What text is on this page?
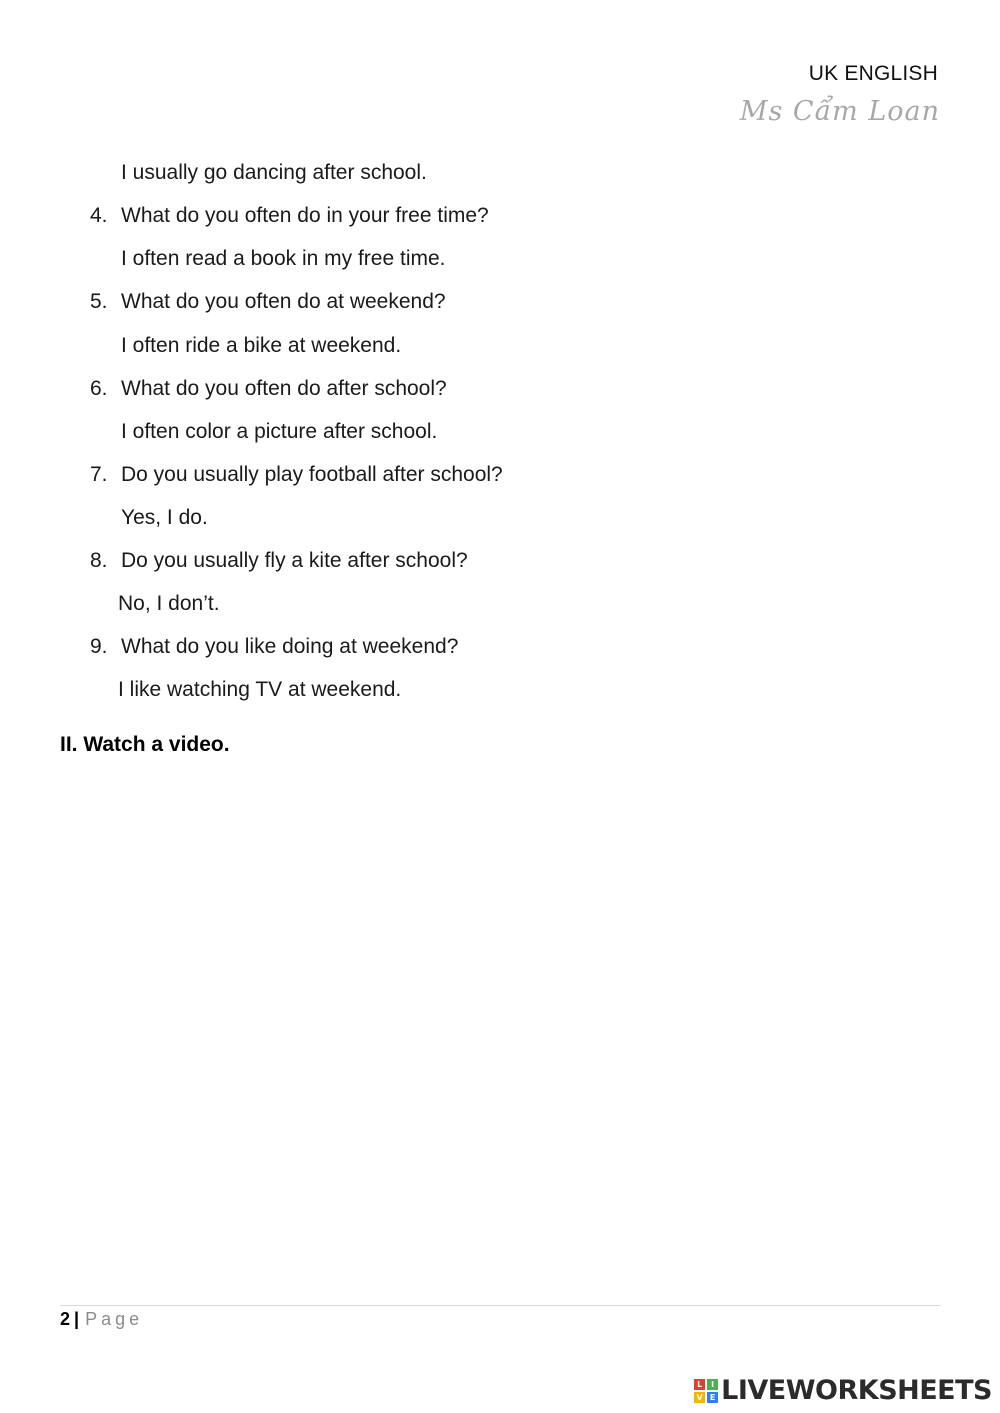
UK ENGLISH
Ms Cẩm Loan
I usually go dancing after school.
4. What do you often do in your free time?
I often read a book in my free time.
5. What do you often do at weekend?
I often ride a bike at weekend.
6. What do you often do after school?
I often color a picture after school.
7. Do you usually play football after school?
Yes, I do.
8. Do you usually fly a kite after school?
No, I don’t.
9. What do you like doing at weekend?
I like watching TV at weekend.
II. Watch a video.
2 | Page
L	I
V E LIVEWORKSHEETS
